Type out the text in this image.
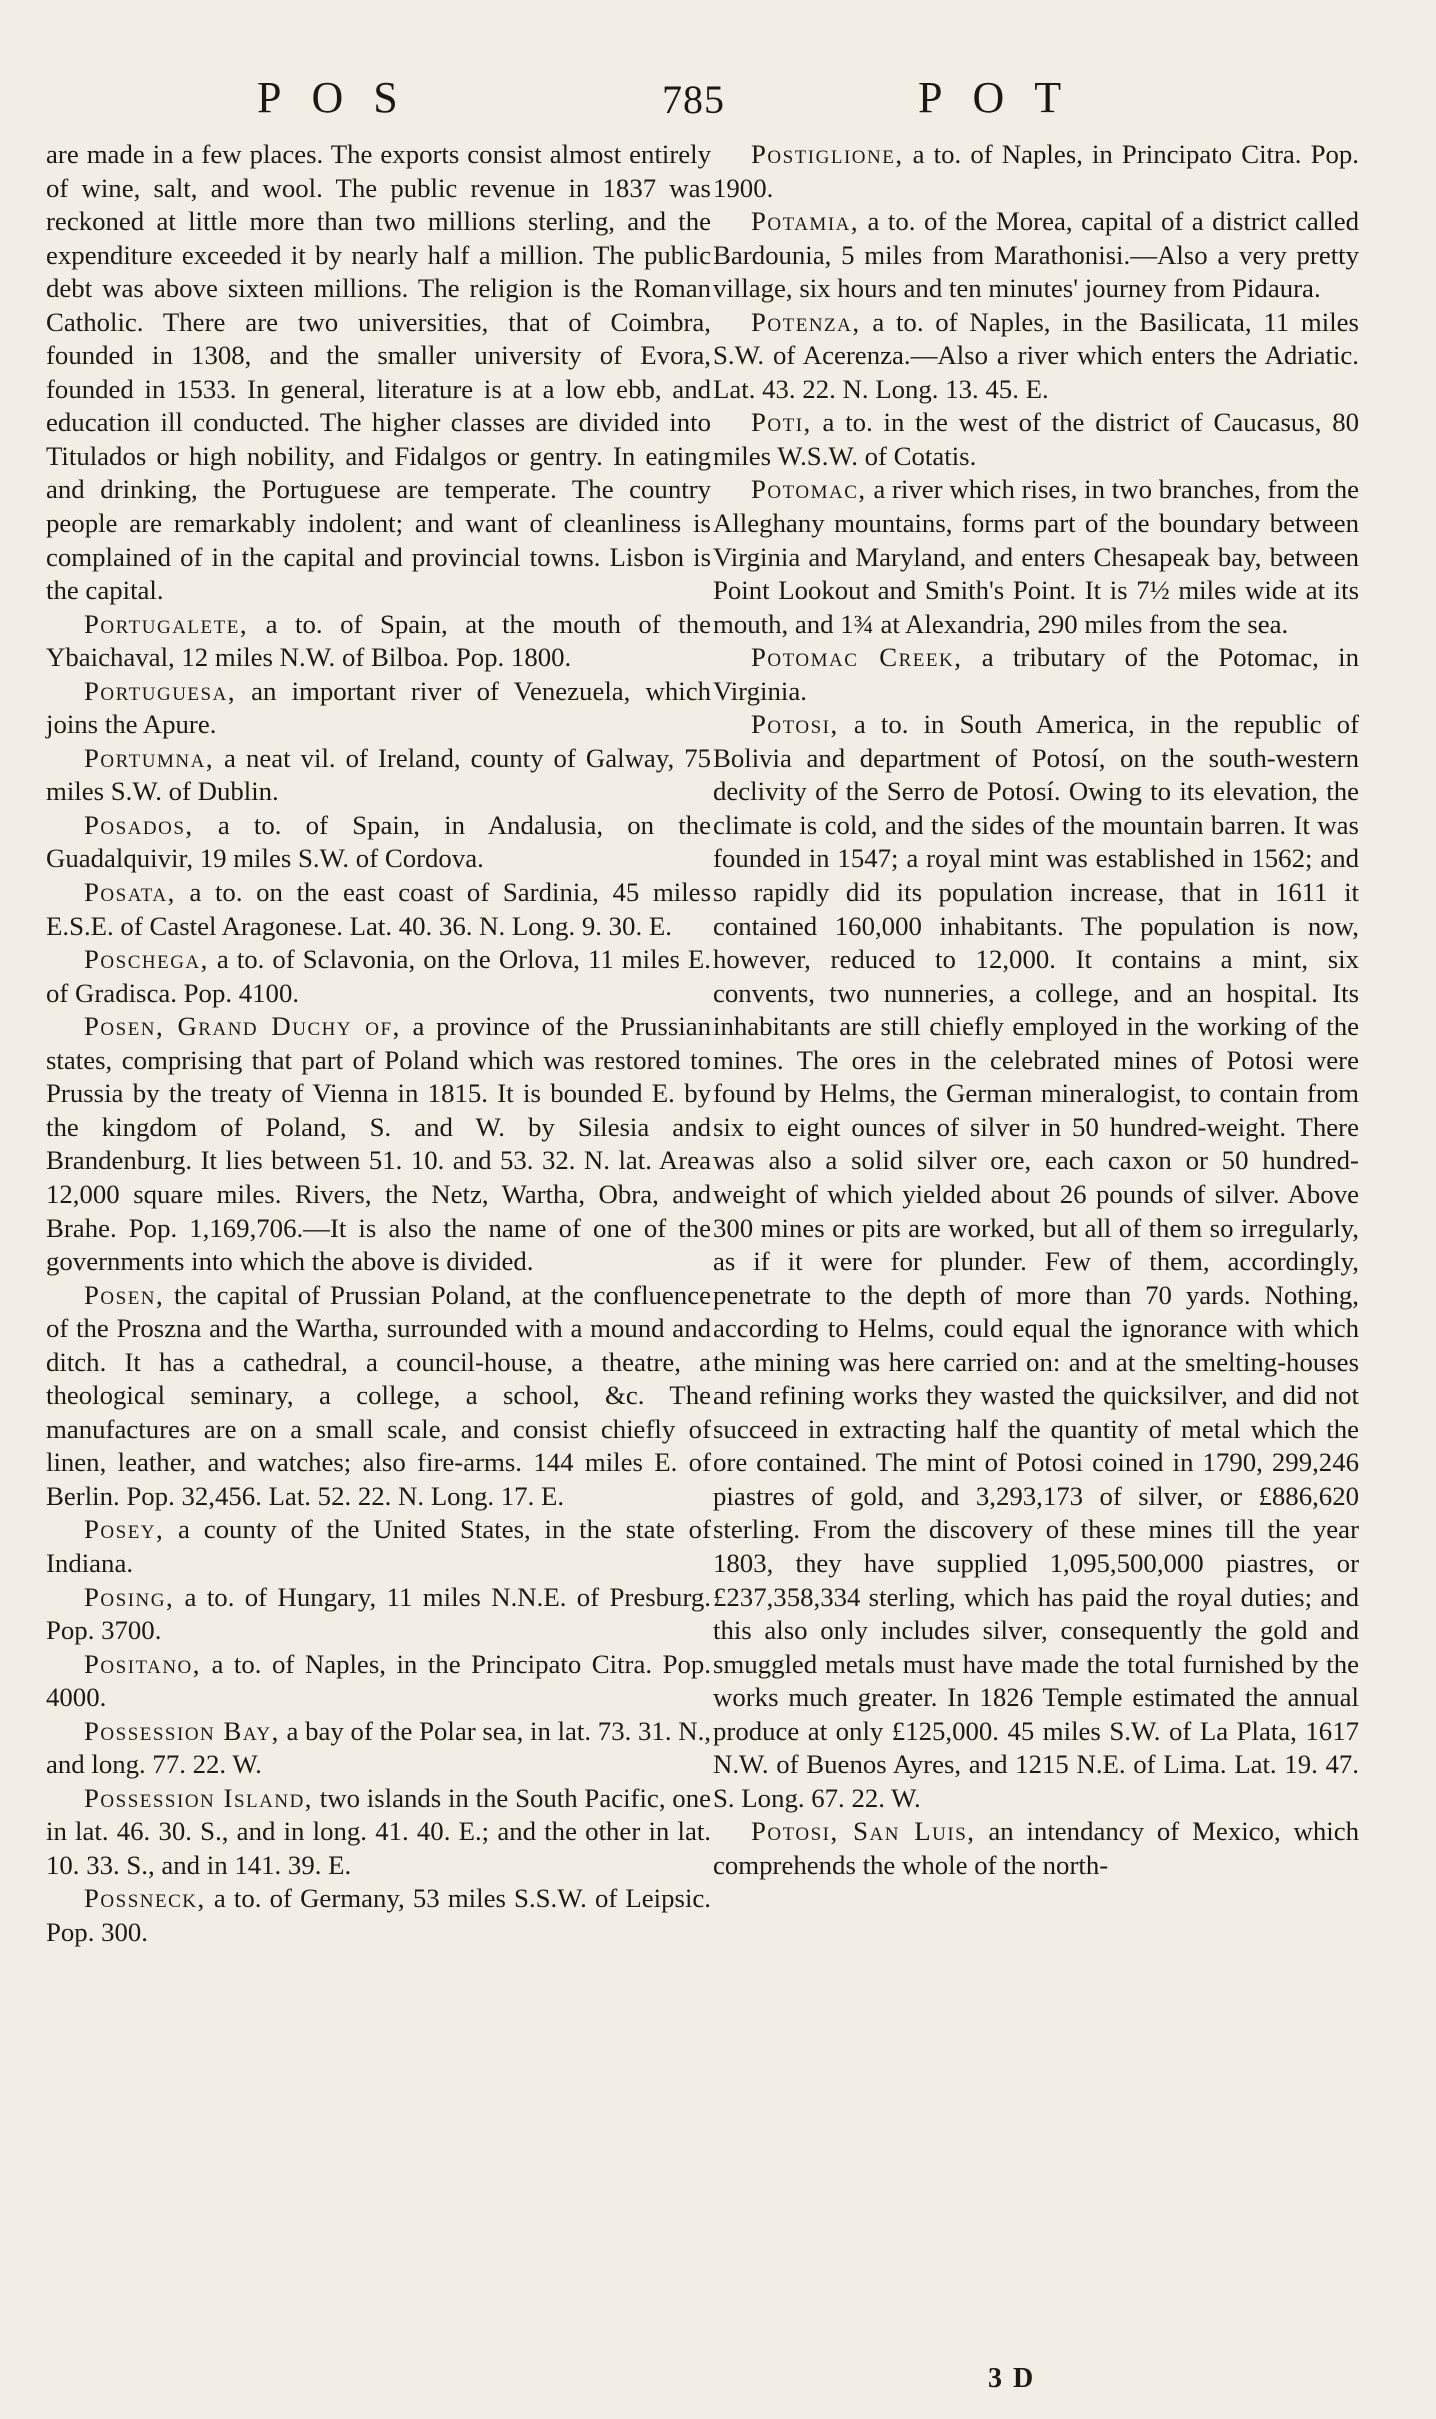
POS	785	POT

are made in a few places. The exports consist almost entirely of wine, salt, and wool. The public revenue in 1837 was reckoned at little more than two millions sterling, and the expenditure exceeded it by nearly half a million. The public debt was above sixteen millions. The religion is the Roman Catholic. There are two universities, that of Coimbra, founded in 1308, and the smaller university of Evora, founded in 1533. In general, literature is at a low ebb, and education ill conducted. The higher classes are divided into Titulados or high nobility, and Fidalgos or gentry. In eating and drinking, the Portuguese are temperate. The country people are remarkably indolent; and want of cleanliness is complained of in the capital and provincial towns. Lisbon is the capital.

Portugalete, a to. of Spain, at the mouth of the Ybaichaval, 12 miles N.W. of Bilboa. Pop. 1800.

Portuguesa, an important river of Venezuela, which joins the Apure.

Portumna, a neat vil. of Ireland, county of Galway, 75 miles S.W. of Dublin.

Posados, a to. of Spain, in Andalusia, on the Guadalquivir, 19 miles S.W. of Cordova.

Posata, a to. on the east coast of Sardinia, 45 miles E.S.E. of Castel Aragonese. Lat. 40. 36. N. Long. 9. 30. E.

Poschega, a to. of Sclavonia, on the Orlova, 11 miles E. of Gradisca. Pop. 4100.

Posen, Grand Duchy of, a province of the Prussian states, comprising that part of Poland which was restored to Prussia by the treaty of Vienna in 1815. It is bounded E. by the kingdom of Poland, S. and W. by Silesia and Brandenburg. It lies between 51. 10. and 53. 32. N. lat. Area 12,000 square miles. Rivers, the Netz, Wartha, Obra, and Brahe. Pop. 1,169,706.—It is also the name of one of the governments into which the above is divided.

Posen, the capital of Prussian Poland, at the confluence of the Proszna and the Wartha, surrounded with a mound and ditch. It has a cathedral, a council-house, a theatre, a theological seminary, a college, a school, &c. The manufactures are on a small scale, and consist chiefly of linen, leather, and watches; also fire-arms. 144 miles E. of Berlin. Pop. 32,456. Lat. 52. 22. N. Long. 17. E.

Posey, a county of the United States, in the state of Indiana.

Posing, a to. of Hungary, 11 miles N.N.E. of Presburg. Pop. 3700.

Positano, a to. of Naples, in the Principato Citra. Pop. 4000.

Possession Bay, a bay of the Polar sea, in lat. 73. 31. N., and long. 77. 22. W.

Possession Island, two islands in the South Pacific, one in lat. 46. 30. S., and in long. 41. 40. E.; and the other in lat. 10. 33. S., and in 141. 39. E.

Possneck, a to. of Germany, 53 miles S.S.W. of Leipsic. Pop. 300.

Postiglione, a to. of Naples, in Principato Citra. Pop. 1900.

Potamia, a to. of the Morea, capital of a district called Bardounia, 5 miles from Marathonisi.—Also a very pretty village, six hours and ten minutes' journey from Pidaura.

Potenza, a to. of Naples, in the Basilicata, 11 miles S.W. of Acerenza.—Also a river which enters the Adriatic. Lat. 43. 22. N. Long. 13. 45. E.

Poti, a to. in the west of the district of Caucasus, 80 miles W.S.W. of Cotatis.

Potomac, a river which rises, in two branches, from the Alleghany mountains, forms part of the boundary between Virginia and Maryland, and enters Chesapeak bay, between Point Lookout and Smith's Point. It is 7½ miles wide at its mouth, and 1¾ at Alexandria, 290 miles from the sea.

Potomac Creek, a tributary of the Potomac, in Virginia.

Potosi, a to. in South America, in the republic of Bolivia and department of Potosí, on the south-western declivity of the Serro de Potosí. Owing to its elevation, the climate is cold, and the sides of the mountain barren. It was founded in 1547; a royal mint was established in 1562; and so rapidly did its population increase, that in 1611 it contained 160,000 inhabitants. The population is now, however, reduced to 12,000. It contains a mint, six convents, two nunneries, a college, and an hospital. Its inhabitants are still chiefly employed in the working of the mines. The ores in the celebrated mines of Potosi were found by Helms, the German mineralogist, to contain from six to eight ounces of silver in 50 hundred-weight. There was also a solid silver ore, each caxon or 50 hundred-weight of which yielded about 26 pounds of silver. Above 300 mines or pits are worked, but all of them so irregularly, as if it were for plunder. Few of them, accordingly, penetrate to the depth of more than 70 yards. Nothing, according to Helms, could equal the ignorance with which the mining was here carried on: and at the smelting-houses and refining works they wasted the quicksilver, and did not succeed in extracting half the quantity of metal which the ore contained. The mint of Potosi coined in 1790, 299,246 piastres of gold, and 3,293,173 of silver, or £886,620 sterling. From the discovery of these mines till the year 1803, they have supplied 1,095,500,000 piastres, or £237,358,334 sterling, which has paid the royal duties; and this also only includes silver, consequently the gold and smuggled metals must have made the total furnished by the works much greater. In 1826 Temple estimated the annual produce at only £125,000. 45 miles S.W. of La Plata, 1617 N.W. of Buenos Ayres, and 1215 N.E. of Lima. Lat. 19. 47. S. Long. 67. 22. W.

Potosi, San Luis, an intendancy of Mexico, which comprehends the whole of the north-

3 D
